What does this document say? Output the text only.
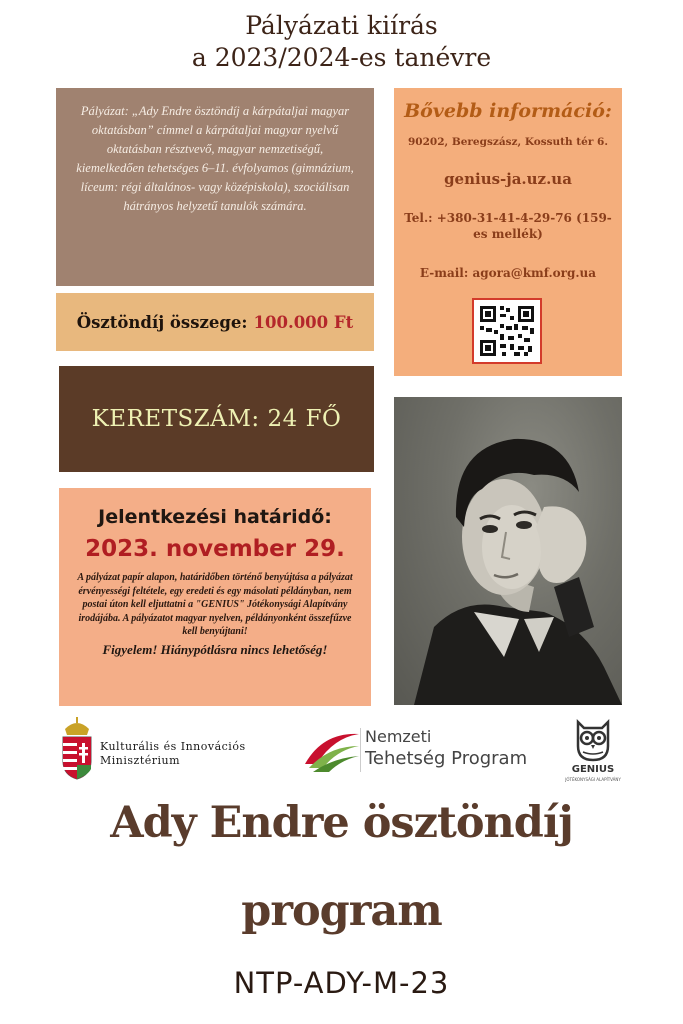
Pályázati kiírás
a 2023/2024-es tanévre
Pályázat: „Ady Endre ösztöndíj a kárpátaljai magyar oktatásban” címmel a kárpátaljai magyar nyelvű oktatásban résztvevő, magyar nemzetiségű, kiemelkedően tehetséges 6–11. évfolyamos (gimnázium, líceum: régi általános- vagy középiskola), szociálisan hátrányos helyzetű tanulók számára.
Ösztöndíj összege: 100.000 Ft
KERETSZÁM: 24 FŐ
Jelentkezési határidő:
2023. november 29.
A pályázat papír alapon, határidőben történő benyújtása a pályázat érvényességi feltétele, egy eredeti és egy másolati példányban, nem postai úton kell eljuttatni a "GENIUS" Jótékonysági Alapítvány irodájába. A pályázatot magyar nyelven, példányonként összefűzve kell benyújtani!
Figyelem! Hiánypótlásra nincs lehetőség!
Bővebb információ:
90202, Beregszász, Kossuth tér 6.
genius-ja.uz.ua
Tel.: +380-31-41-4-29-76 (159-es mellék)
E-mail: agora@kmf.org.ua
Kulturális és Innovációs
Minisztérium
Nemzeti
Tehetség Program
GENIUS
JÓTÉKONYSÁGI ALAPÍTVÁNY
Ady Endre ösztöndíj
program
NTP-ADY-M-23
